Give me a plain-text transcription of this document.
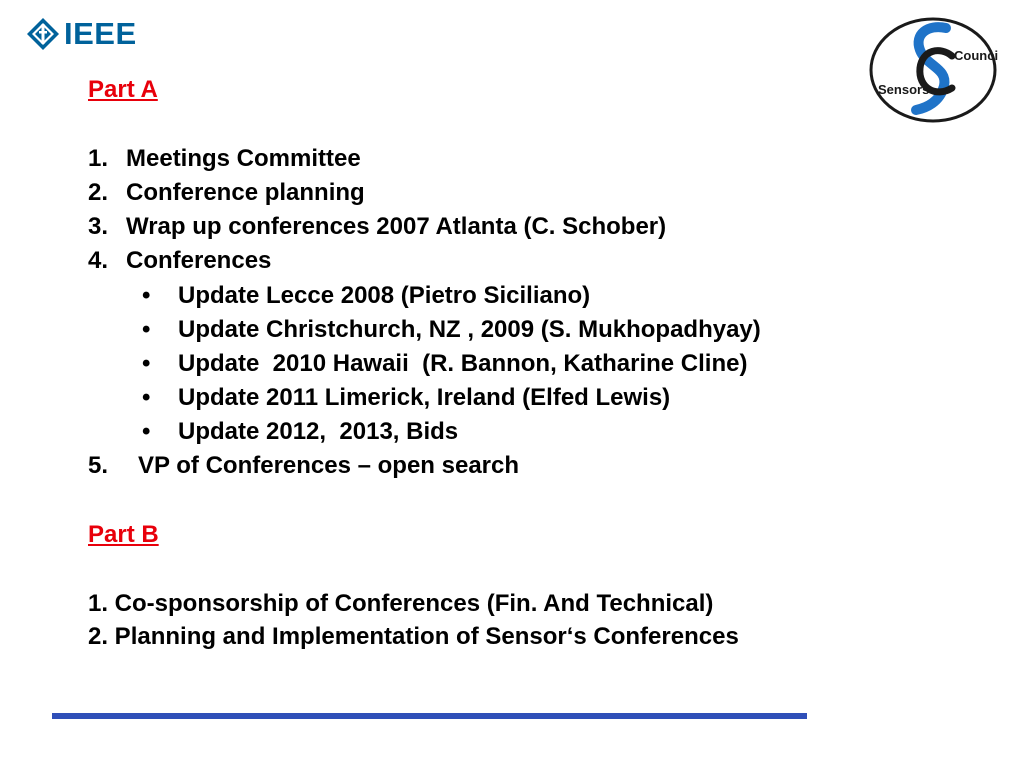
IEEE
Council
Sensors
Part A
1. Meetings Committee
2. Conference planning
3. Wrap up conferences 2007 Atlanta (C. Schober)
4. Conferences
• Update Lecce 2008 (Pietro Siciliano)
• Update Christchurch, NZ , 2009 (S. Mukhopadhyay)
• Update  2010 Hawaii  (R. Bannon, Katharine Cline)
• Update 2011 Limerick, Ireland (Elfed Lewis)
• Update 2012,  2013, Bids
5. VP of Conferences – open search
Part B
1. Co-sponsorship of Conferences (Fin. And Technical)
2. Planning and Implementation of Sensor‘s Conferences
